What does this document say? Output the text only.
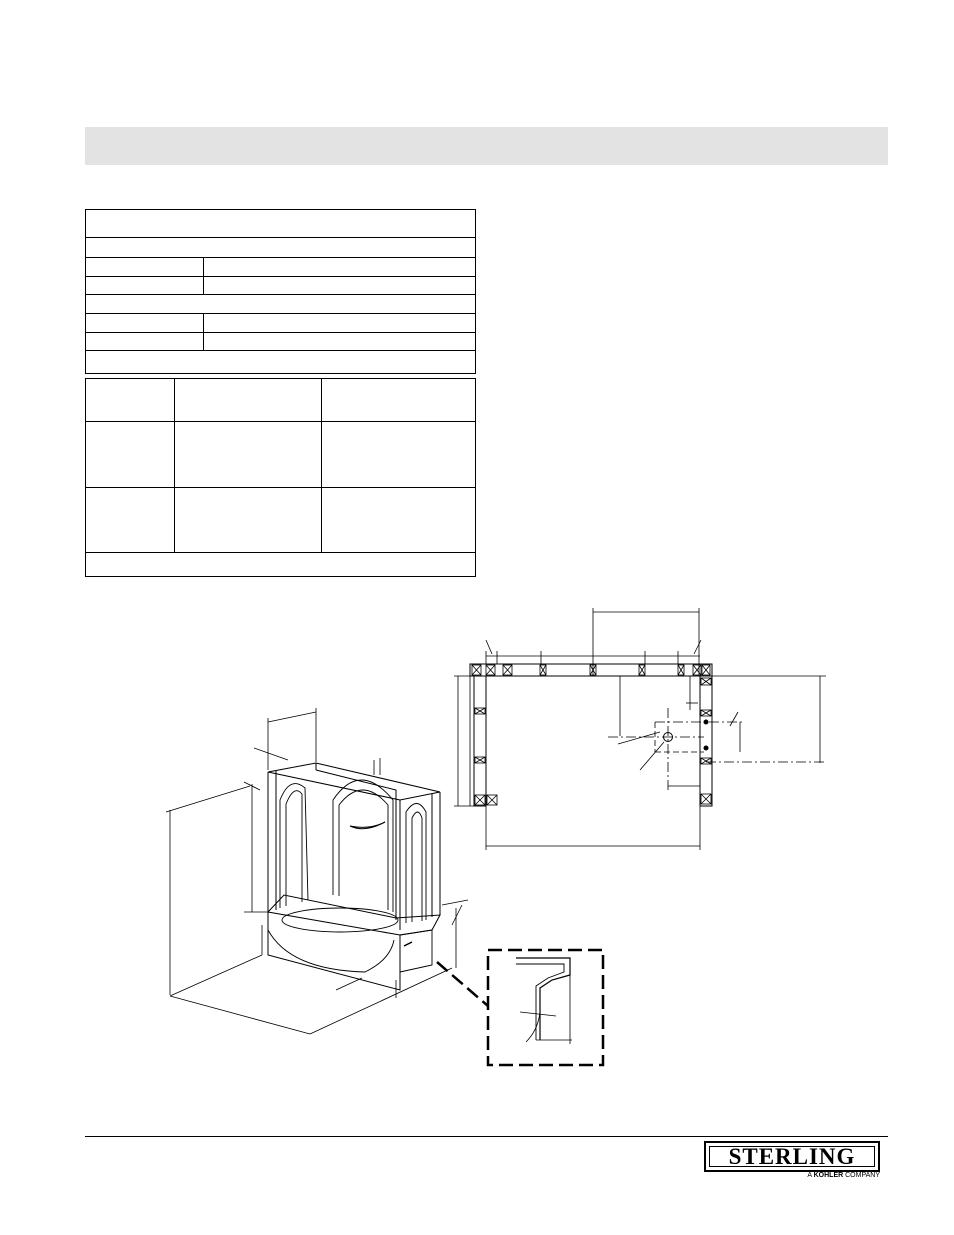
STERLING
A KOHLER COMPANY
